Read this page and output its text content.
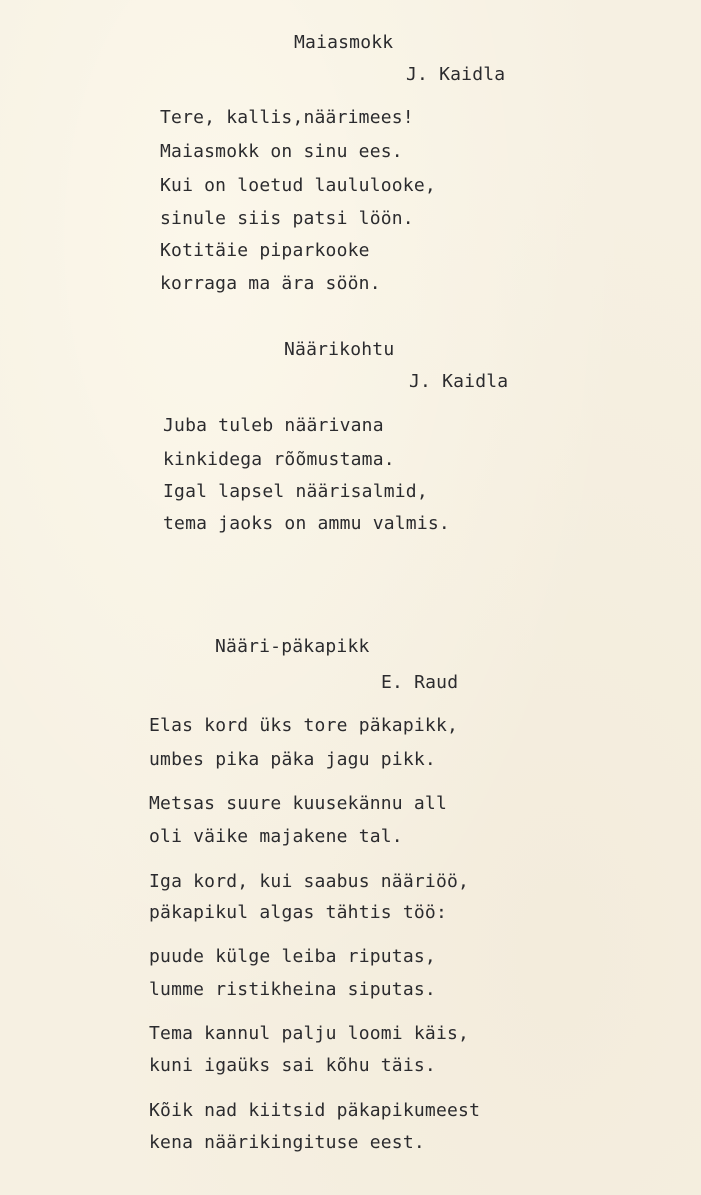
Maiasmokk
J. Kaidla
Tere, kallis‚näärimees!
Maiasmokk on sinu ees.
Kui on loetud laululooke,
sinule siis patsi löön.
Kotitäie piparkooke
korraga ma ära söön.
Näärikohtu
J. Kaidla
Juba tuleb näärivana
kinkidega rõõmustama.
Igal lapsel näärisalmid,
tema jaoks on ammu valmis.
Nääri-päkapikk
E. Raud
Elas kord üks tore päkapikk,
umbes pika päka jagu pikk.
Metsas suure kuusekännu all
oli väike majakene tal.
Iga kord, kui saabus nääriöö,
päkapikul algas tähtis töö:
puude külge leiba riputas,
lumme ristikheina siputas.
Tema kannul palju loomi käis,
kuni igaüks sai kõhu täis.
Kõik nad kiitsid päkapikumeest
kena näärikingituse eest.
